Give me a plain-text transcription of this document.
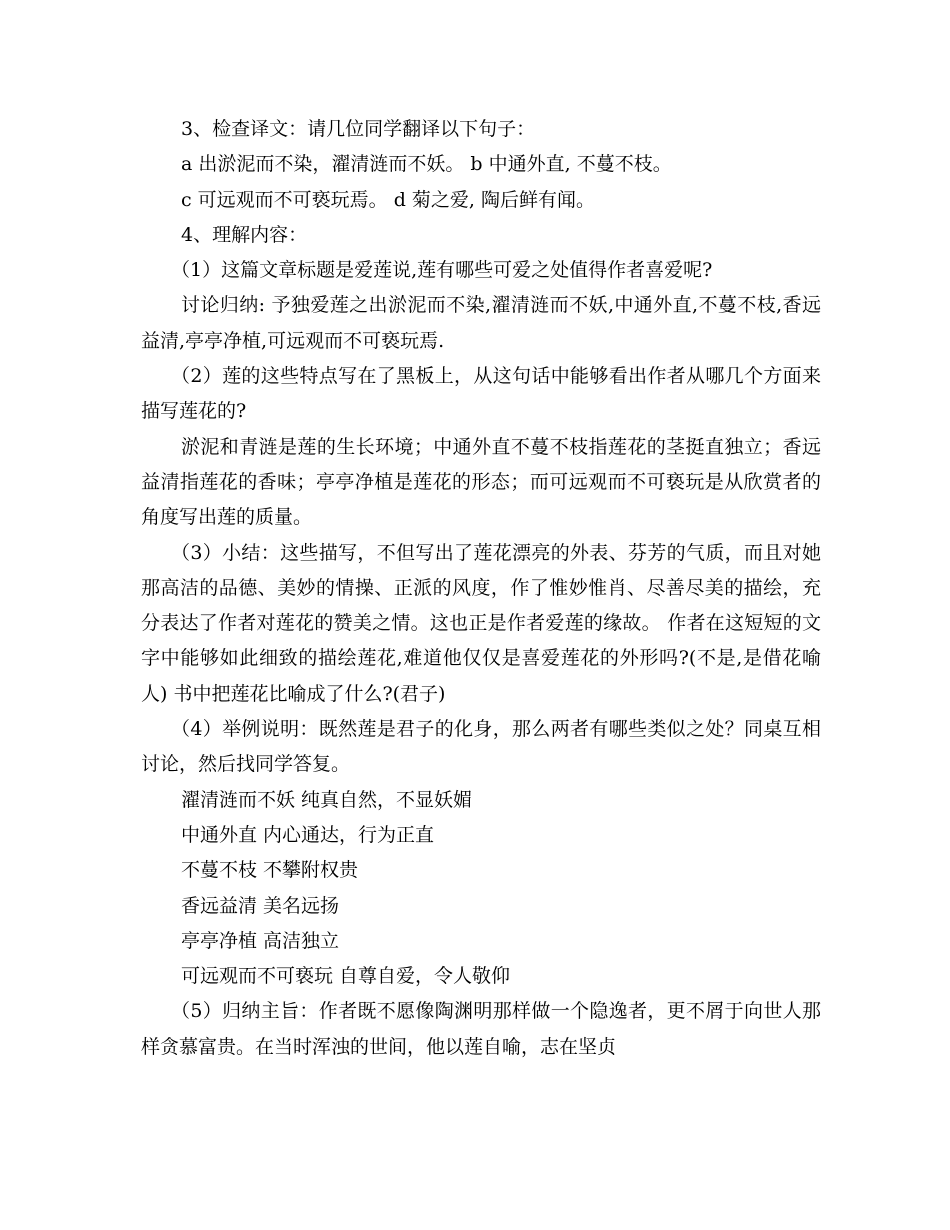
3、检查译文：请几位同学翻译以下句子：

a 出淤泥而不染，濯清涟而不妖。 b 中通外直, 不蔓不枝。

c 可远观而不可亵玩焉。 d 菊之爱, 陶后鲜有闻。

4、理解内容：

（1）这篇文章标题是爱莲说,莲有哪些可爱之处值得作者喜爱呢?

讨论归纳: 予独爱莲之出淤泥而不染,濯清涟而不妖,中通外直,不蔓不枝,香远益清,亭亭净植,可远观而不可亵玩焉.

（2）莲的这些特点写在了黑板上，从这句话中能够看出作者从哪几个方面来描写莲花的?

淤泥和青涟是莲的生长环境；中通外直不蔓不枝指莲花的茎挺直独立；香远益清指莲花的香味；亭亭净植是莲花的形态；而可远观而不可亵玩是从欣赏者的角度写出莲的质量。

（3）小结：这些描写，不但写出了莲花漂亮的外表、芬芳的气质，而且对她那高洁的品德、美妙的情操、正派的风度，作了惟妙惟肖、尽善尽美的描绘，充分表达了作者对莲花的赞美之情。这也正是作者爱莲的缘故。 作者在这短短的文字中能够如此细致的描绘莲花,难道他仅仅是喜爱莲花的外形吗?(不是,是借花喻人) 书中把莲花比喻成了什么?(君子)

（4）举例说明：既然莲是君子的化身，那么两者有哪些类似之处？同桌互相讨论，然后找同学答复。

濯清涟而不妖 纯真自然，不显妖媚

中通外直 内心通达，行为正直

不蔓不枝 不攀附权贵

香远益清 美名远扬

亭亭净植 高洁独立

可远观而不可亵玩 自尊自爱，令人敬仰

（5）归纳主旨：作者既不愿像陶渊明那样做一个隐逸者，更不屑于向世人那样贪慕富贵。在当时浑浊的世间，他以莲自喻，志在坚贞
